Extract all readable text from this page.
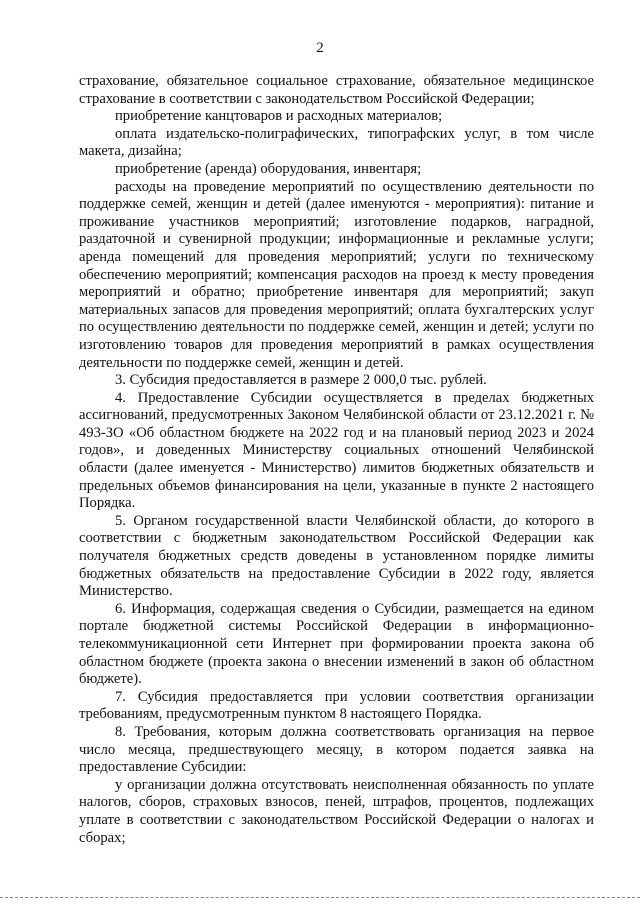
2

страхование, обязательное социальное страхование, обязательное медицинское страхование в соответствии с законодательством Российской Федерации;

приобретение канцтоваров и расходных материалов;

оплата издательско-полиграфических, типографских услуг, в том числе макета, дизайна;

приобретение (аренда) оборудования, инвентаря;

расходы на проведение мероприятий по осуществлению деятельности по поддержке семей, женщин и детей (далее именуются - мероприятия): питание и проживание участников мероприятий; изготовление подарков, наградной, раздаточной и сувенирной продукции; информационные и рекламные услуги; аренда помещений для проведения мероприятий; услуги по техническому обеспечению мероприятий; компенсация расходов на проезд к месту проведения мероприятий и обратно; приобретение инвентаря для мероприятий; закуп материальных запасов для проведения мероприятий; оплата бухгалтерских услуг по осуществлению деятельности по поддержке семей, женщин и детей; услуги по изготовлению товаров для проведения мероприятий в рамках осуществления деятельности по поддержке семей, женщин и детей.

3. Субсидия предоставляется в размере 2 000,0 тыс. рублей.

4. Предоставление Субсидии осуществляется в пределах бюджетных ассигнований, предусмотренных Законом Челябинской области от 23.12.2021 г. № 493-ЗО «Об областном бюджете на 2022 год и на плановый период 2023 и 2024 годов», и доведенных Министерству социальных отношений Челябинской области (далее именуется - Министерство) лимитов бюджетных обязательств и предельных объемов финансирования на цели, указанные в пункте 2 настоящего Порядка.

5. Органом государственной власти Челябинской области, до которого в соответствии с бюджетным законодательством Российской Федерации как получателя бюджетных средств доведены в установленном порядке лимиты бюджетных обязательств на предоставление Субсидии в 2022 году, является Министерство.

6. Информация, содержащая сведения о Субсидии, размещается на едином портале бюджетной системы Российской Федерации в информационно-телекоммуникационной сети Интернет при формировании проекта закона об областном бюджете (проекта закона о внесении изменений в закон об областном бюджете).

7. Субсидия предоставляется при условии соответствия организации требованиям, предусмотренным пунктом 8 настоящего Порядка.

8. Требования, которым должна соответствовать организация на первое число месяца, предшествующего месяцу, в котором подается заявка на предоставление Субсидии:

у организации должна отсутствовать неисполненная обязанность по уплате налогов, сборов, страховых взносов, пеней, штрафов, процентов, подлежащих уплате в соответствии с законодательством Российской Федерации о налогах и сборах;
